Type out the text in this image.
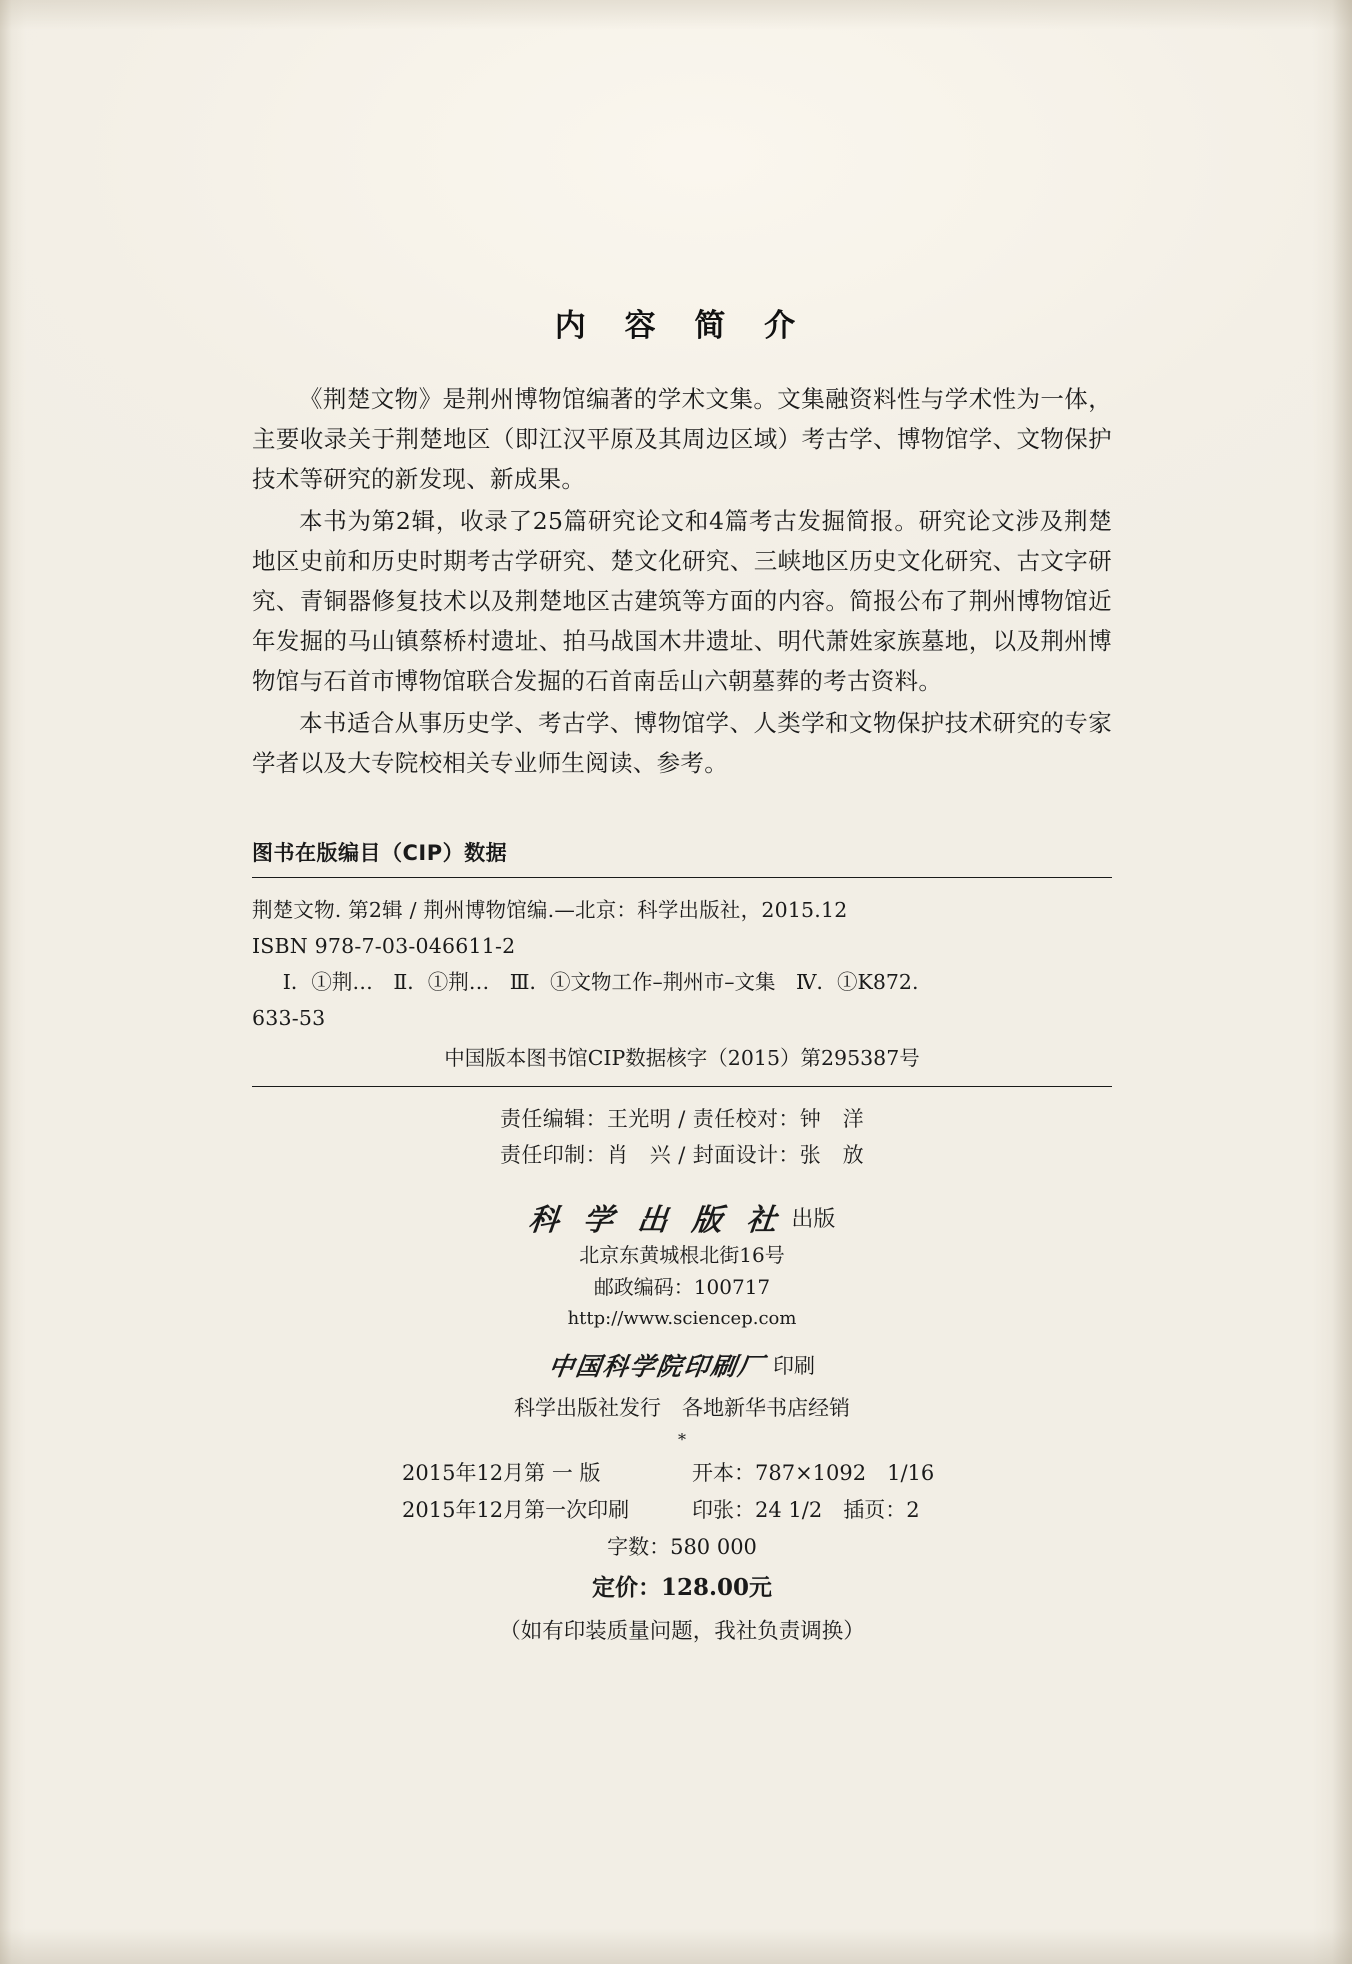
内 容 简 介

《荆楚文物》是荆州博物馆编著的学术文集。文集融资料性与学术性为一体，主要收录关于荆楚地区（即江汉平原及其周边区域）考古学、博物馆学、文物保护技术等研究的新发现、新成果。

本书为第2辑，收录了25篇研究论文和4篇考古发掘简报。研究论文涉及荆楚地区史前和历史时期考古学研究、楚文化研究、三峡地区历史文化研究、古文字研究、青铜器修复技术以及荆楚地区古建筑等方面的内容。简报公布了荆州博物馆近年发掘的马山镇蔡桥村遗址、拍马战国木井遗址、明代萧姓家族墓地，以及荆州博物馆与石首市博物馆联合发掘的石首南岳山六朝墓葬的考古资料。

本书适合从事历史学、考古学、博物馆学、人类学和文物保护技术研究的专家学者以及大专院校相关专业师生阅读、参考。

图书在版编目（CIP）数据
荆楚文物. 第2辑 / 荆州博物馆编.—北京：科学出版社，2015.12
ISBN 978-7-03-046611-2
Ⅰ．①荆…　Ⅱ．①荆…　Ⅲ．①文物工作–荆州市–文集　Ⅳ．①K872.
633-53
中国版本图书馆CIP数据核字（2015）第295387号
责任编辑：王光明 / 责任校对：钟　洋
责任印制：肖　兴 / 封面设计：张　放
科 学 出 版 社 出版
北京东黄城根北街16号
邮政编码：100717
http://www.sciencep.com
中国科学院印刷厂 印刷
科学出版社发行　各地新华书店经销
*
2015年12月第 一 版	开本：787×1092　1/16
2015年12月第一次印刷	印张：24 1/2　插页：2
字数：580 000
定价：128.00元
（如有印装质量问题，我社负责调换）
